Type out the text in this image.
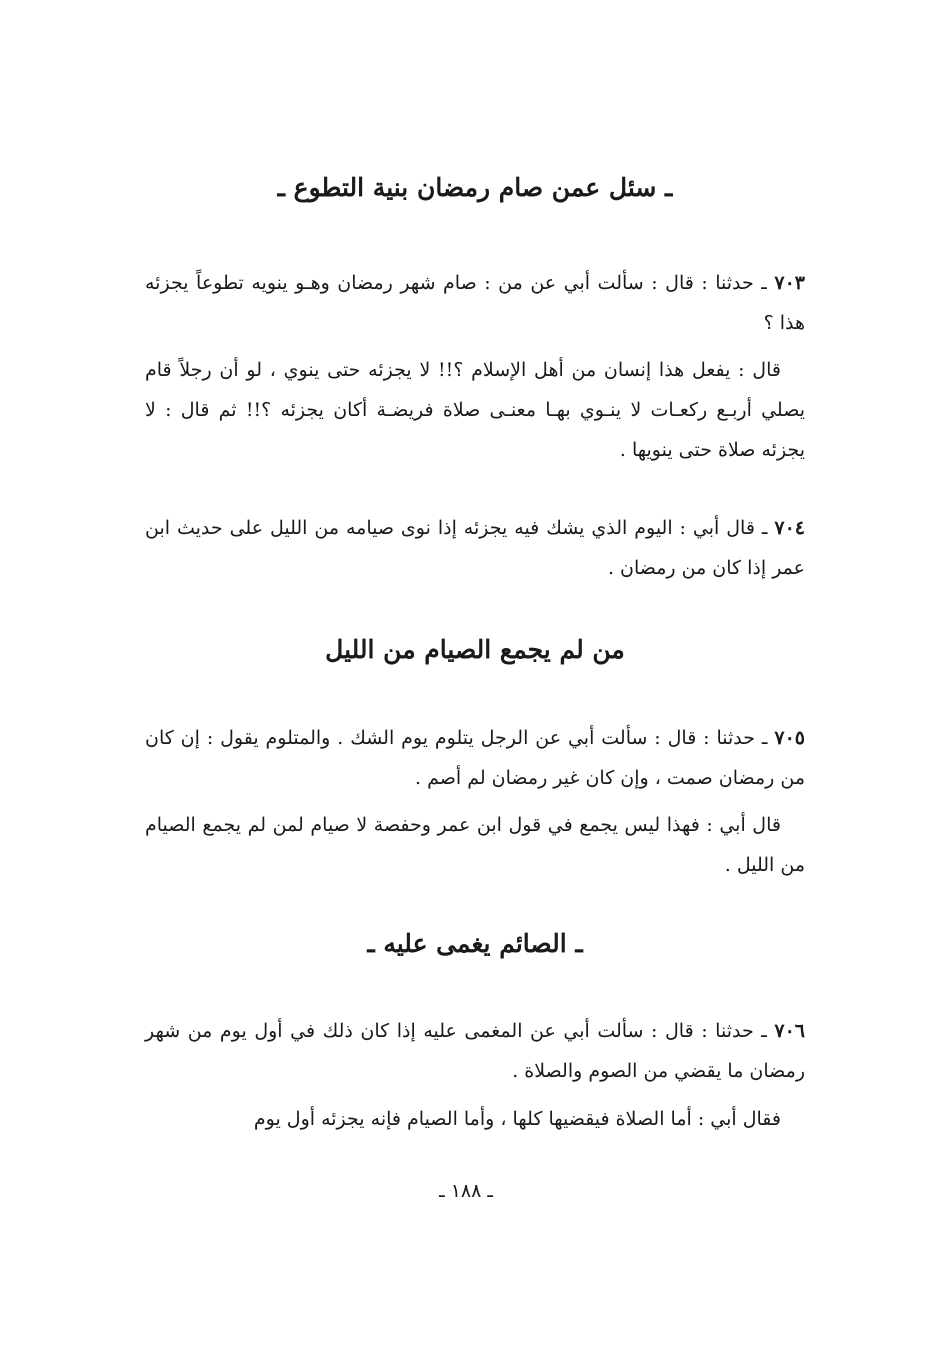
ـ سئل عمن صام رمضان بنية التطوع ـ
٧٠٣ ـ حدثنا : قال : سألت أبي عن من : صام شهر رمضان وهـو ينويه تطوعاً يجزئه هذا ؟
قال : يفعل هذا إنسان من أهل الإسلام ؟!! لا يجزئه حتى ينوي ، لو أن رجلاً قام يصلي أربـع ركعـات لا ينـوي بهـا معنـى صلاة فريضـة أكان يجزئه ؟!! ثم قال : لا يجزئه صلاة حتى ينويها .
٧٠٤ ـ قال أبي : اليوم الذي يشك فيه يجزئه إذا نوى صيامه من الليل على حديث ابن عمر إذا كان من رمضان .
من لم يجمع الصيام من الليل
٧٠٥ ـ حدثنا : قال : سألت أبي عن الرجل يتلوم يوم الشك . والمتلوم يقول : إن كان من رمضان صمت ، وإن كان غير رمضان لم أصم .
قال أبي : فهذا ليس يجمع في قول ابن عمر وحفصة لا صيام لمن لم يجمع الصيام من الليل .
ـ الصائم يغمى عليه ـ
٧٠٦ ـ حدثنا : قال : سألت أبي عن المغمى عليه إذا كان ذلك في أول يوم من شهر رمضان ما يقضي من الصوم والصلاة .
فقال أبي : أما الصلاة فيقضيها كلها ، وأما الصيام فإنه يجزئه أول يوم
ـ ١٨٨ ـ
